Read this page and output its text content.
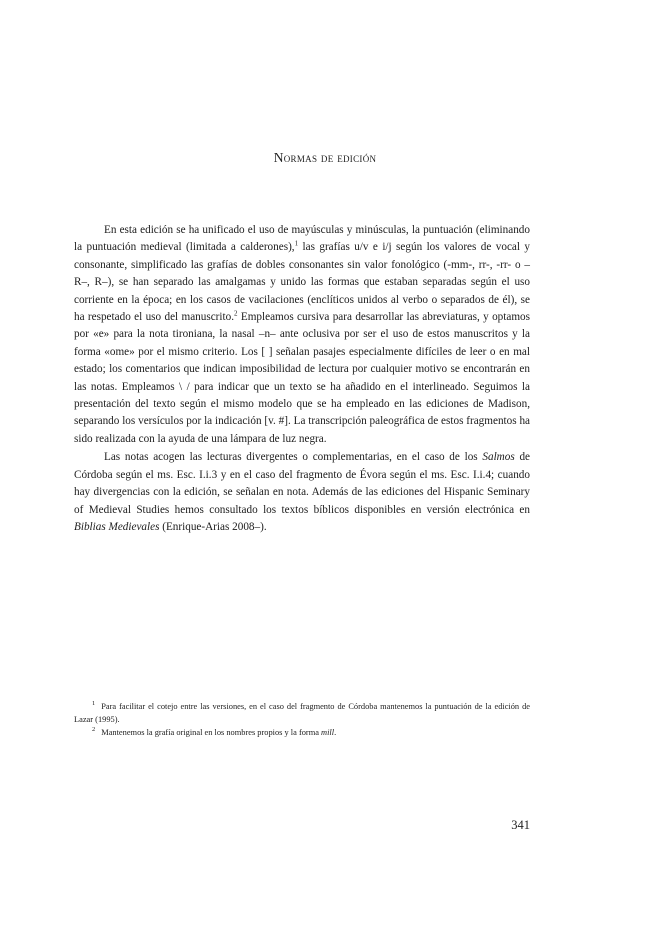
Normas de edición

En esta edición se ha unificado el uso de mayúsculas y minúsculas, la puntuación (eliminando la puntuación medieval (limitada a calderones),$^1$ las grafías u/v e i/j según los valores de vocal y consonante, simplificado las grafías de dobles consonantes sin valor fonológico (-mm-, rr-, -rr- o –R–, R–), se han separado las amalgamas y unido las formas que estaban separadas según el uso corriente en la época; en los casos de vacilaciones (enclíticos unidos al verbo o separados de él), se ha respetado el uso del manuscrito.$^2$ Empleamos cursiva para desarrollar las abreviaturas, y optamos por «e» para la nota tironiana, la nasal –n– ante oclusiva por ser el uso de estos manuscritos y la forma «ome» por el mismo criterio. Los [ ] señalan pasajes especialmente difíciles de leer o en mal estado; los comentarios que indican imposibilidad de lectura por cualquier motivo se encontrarán en las notas. Empleamos \ / para indicar que un texto se ha añadido en el interlineado. Seguimos la presentación del texto según el mismo modelo que se ha empleado en las ediciones de Madison, separando los versículos por la indicación [v. #]. La transcripción paleográfica de estos fragmentos ha sido realizada con la ayuda de una lámpara de luz negra.

Las notas acogen las lecturas divergentes o complementarias, en el caso de los Salmos de Córdoba según el ms. Esc. I.i.3 y en el caso del fragmento de Évora según el ms. Esc. I.i.4; cuando hay divergencias con la edición, se señalan en nota. Además de las ediciones del Hispanic Seminary of Medieval Studies hemos consultado los textos bíblicos disponibles en versión electrónica en Biblias Medievales (Enrique-Arias 2008–).

$^1$ Para facilitar el cotejo entre las versiones, en el caso del fragmento de Córdoba mantenemos la puntuación de la edición de Lazar (1995).

$^2$ Mantenemos la grafía original en los nombres propios y la forma mill.

341
